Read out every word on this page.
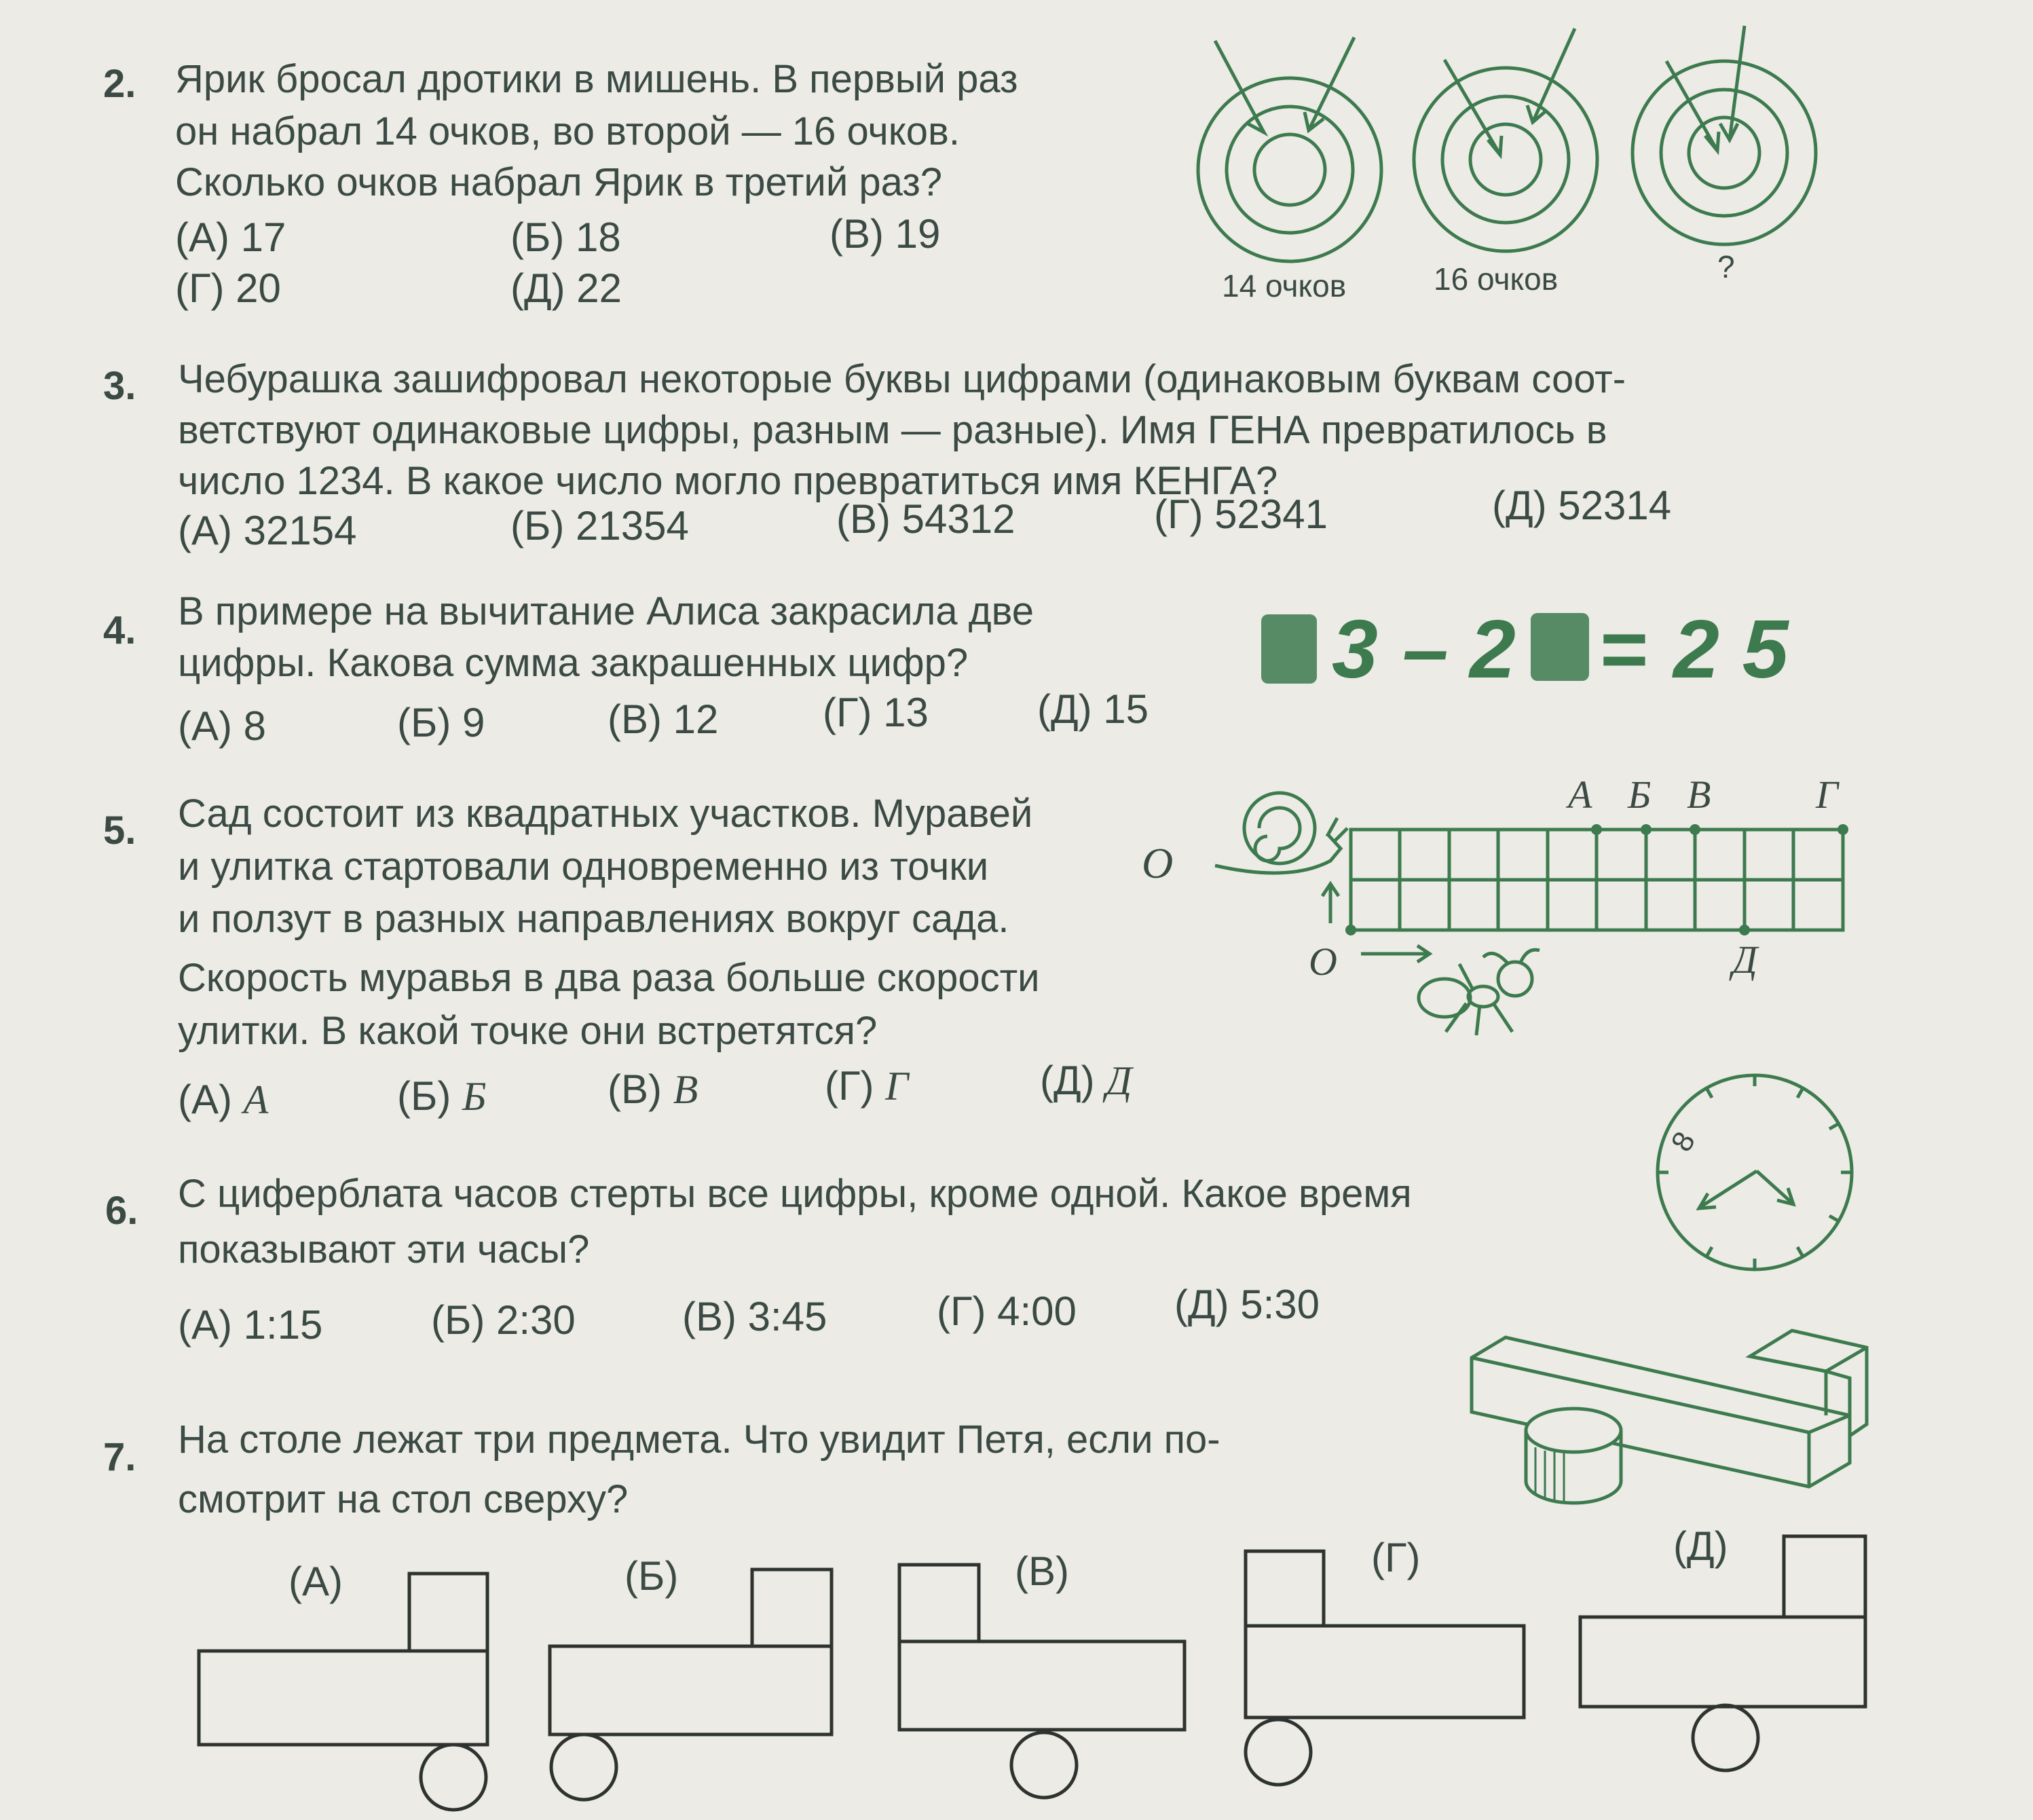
2. Ярик бросал дротики в мишень. В первый раз
он набрал 14 очков, во второй — 16 очков.
Сколько очков набрал Ярик в третий раз?
(А) 17	(Б) 18	(В) 19
(Г) 20	(Д) 22	14 очков	16 очков	?
3. Чебурашка зашифровал некоторые буквы цифрами (одинаковым буквам соот-
ветствуют одинаковые цифры, разным — разные). Имя ГЕНА превратилось в
число 1234. В какое число могло превратиться имя КЕНГА?
(А) 32154	(Б) 21354	(В) 54312	(Г) 52341	(Д) 52314
4. В примере на вычитание Алиса закрасила две
цифры. Какова сумма закрашенных цифр?
(А) 8	(Б) 9	(В) 12	(Г) 13	(Д) 15
3 – 2 = 2 5
5. Сад состоит из квадратных участков. Муравей
и улитка стартовали одновременно из точки	О
и ползут в разных направлениях вокруг сада.
Скорость муравья в два раза больше скорости
улитки. В какой точке они встретятся?
(А) А	(Б) Б	(В) В	(Г) Г	(Д) Д
А Б В	Г
Д
О
6. С циферблата часов стерты все цифры, кроме одной. Какое время
показывают эти часы?
(А) 1:15	(Б) 2:30	(В) 3:45	(Г) 4:00 (Д) 5:30
8
7. На столе лежат три предмета. Что увидит Петя, если по-
смотрит на стол сверху?
(А)	(Б)	(В)	(Г)	(Д)
